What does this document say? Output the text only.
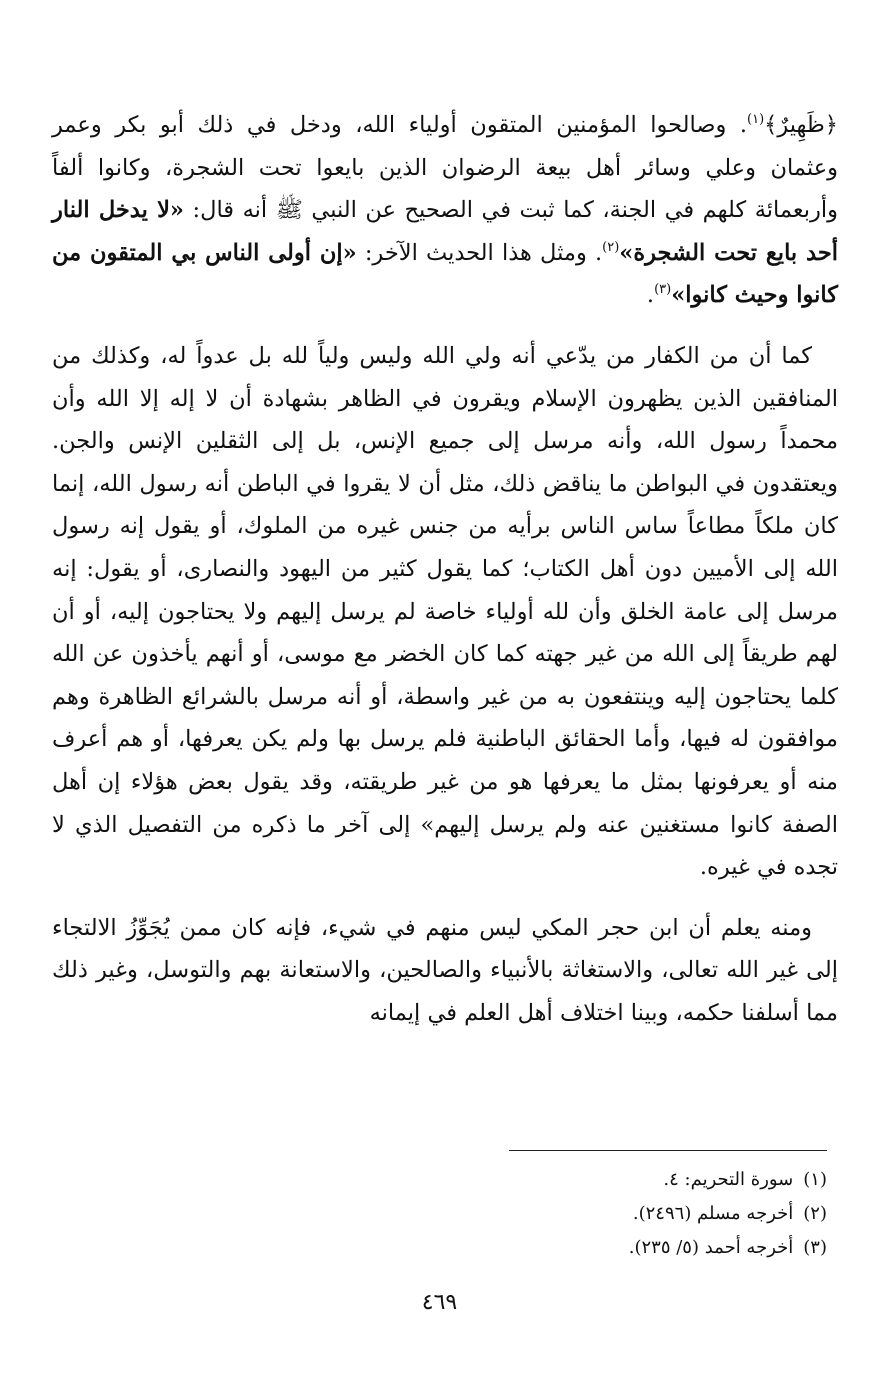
﴿ظَهِيرٌ﴾$^{(١)}$. وصالحوا المؤمنين المتقون أولياء الله، ودخل في ذلك أبو بكر وعمر وعثمان وعلي وسائر أهل بيعة الرضوان الذين بايعوا تحت الشجرة، وكانوا ألفاً وأربعمائة كلهم في الجنة، كما ثبت في الصحيح عن النبي ﷺ أنه قال: «لا يدخل النار أحد بايع تحت الشجرة»$^{(٢)}$. ومثل هذا الحديث الآخر: «إن أولى الناس بي المتقون من كانوا وحيث كانوا»$^{(٣)}$.

كما أن من الكفار من يدّعي أنه ولي الله وليس ولياً لله بل عدواً له، وكذلك من المنافقين الذين يظهرون الإسلام ويقرون في الظاهر بشهادة أن لا إله إلا الله وأن محمداً رسول الله، وأنه مرسل إلى جميع الإنس، بل إلى الثقلين الإنس والجن. ويعتقدون في البواطن ما يناقض ذلك، مثل أن لا يقروا في الباطن أنه رسول الله، إنما كان ملكاً مطاعاً ساس الناس برأيه من جنس غيره من الملوك، أو يقول إنه رسول الله إلى الأميين دون أهل الكتاب؛ كما يقول كثير من اليهود والنصارى، أو يقول: إنه مرسل إلى عامة الخلق وأن لله أولياء خاصة لم يرسل إليهم ولا يحتاجون إليه، أو أن لهم طريقاً إلى الله من غير جهته كما كان الخضر مع موسى، أو أنهم يأخذون عن الله كلما يحتاجون إليه وينتفعون به من غير واسطة، أو أنه مرسل بالشرائع الظاهرة وهم موافقون له فيها، وأما الحقائق الباطنية فلم يرسل بها ولم يكن يعرفها، أو هم أعرف منه أو يعرفونها بمثل ما يعرفها هو من غير طريقته، وقد يقول بعض هؤلاء إن أهل الصفة كانوا مستغنين عنه ولم يرسل إليهم» إلى آخر ما ذكره من التفصيل الذي لا تجده في غيره.

ومنه يعلم أن ابن حجر المكي ليس منهم في شيء، فإنه كان ممن يُجَوِّزُ الالتجاء إلى غير الله تعالى، والاستغاثة بالأنبياء والصالحين، والاستعانة بهم والتوسل، وغير ذلك مما أسلفنا حكمه، وبينا اختلاف أهل العلم في إيمانه

(١)سورة التحريم: ٤.
(٢)أخرجه مسلم (٢٤٩٦).
(٣)أخرجه أحمد (٥/ ٢٣٥).
٤٦٩
